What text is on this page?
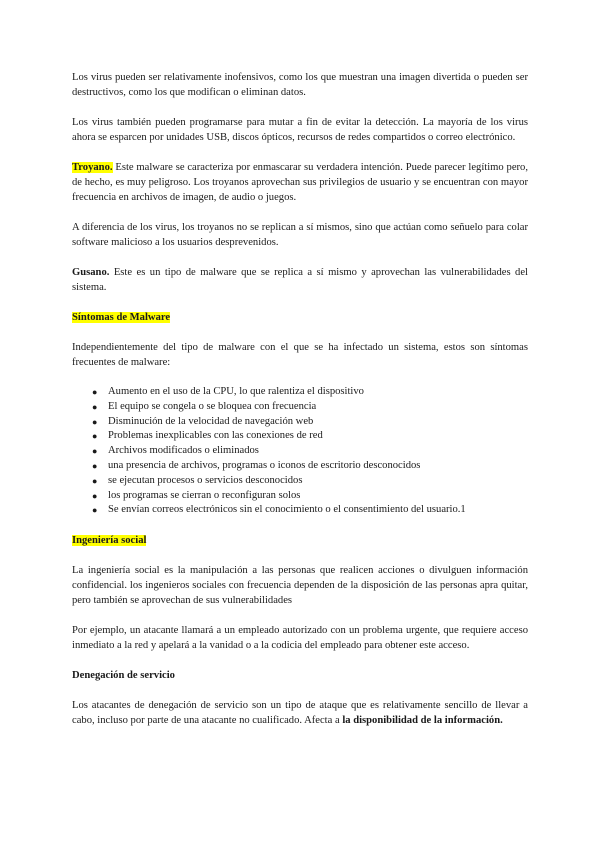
Los virus pueden ser relativamente inofensivos, como los que muestran una imagen divertida o pueden ser destructivos, como los que modifican o eliminan datos.

Los virus también pueden programarse para mutar a fin de evitar la detección. La mayoría de los virus ahora se esparcen por unidades USB, discos ópticos, recursos de redes compartidos o correo electrónico.

Troyano. Este malware se caracteriza por enmascarar su verdadera intención. Puede parecer legítimo pero, de hecho, es muy peligroso. Los troyanos aprovechan sus privilegios de usuario y se encuentran con mayor frecuencia en archivos de imagen, de audio o juegos.

A diferencia de los virus, los troyanos no se replican a sí mismos, sino que actúan como señuelo para colar software malicioso a los usuarios desprevenidos.

Gusano. Este es un tipo de malware que se replica a sí mismo y aprovechan las vulnerabilidades del sistema.

Síntomas de Malware

Independientemente del tipo de malware con el que se ha infectado un sistema, estos son síntomas frecuentes de malware:

● Aumento en el uso de la CPU, lo que ralentiza el dispositivo
● El equipo se congela o se bloquea con frecuencia
● Disminución de la velocidad de navegación web
● Problemas inexplicables con las conexiones de red
● Archivos modificados o eliminados
● una presencia de archivos, programas o iconos de escritorio desconocidos
● se ejecutan procesos o servicios desconocidos
● los programas se cierran o reconfiguran solos
● Se envían correos electrónicos sin el conocimiento o el consentimiento del usuario.1
Ingeniería social

La ingeniería social es la manipulación a las personas que realicen acciones o divulguen información confidencial. los ingenieros sociales con frecuencia dependen de la disposición de las personas apra quitar, pero también se aprovechan de sus vulnerabilidades

Por ejemplo, un atacante llamará a un empleado autorizado con un problema urgente, que requiere acceso inmediato a la red y apelará a la vanidad o a la codicia del empleado para obtener este acceso.

Denegación de servicio

Los atacantes de denegación de servicio son un tipo de ataque que es relativamente sencillo de llevar a cabo, incluso por parte de una atacante no cualificado. Afecta a la disponibilidad de la información.
